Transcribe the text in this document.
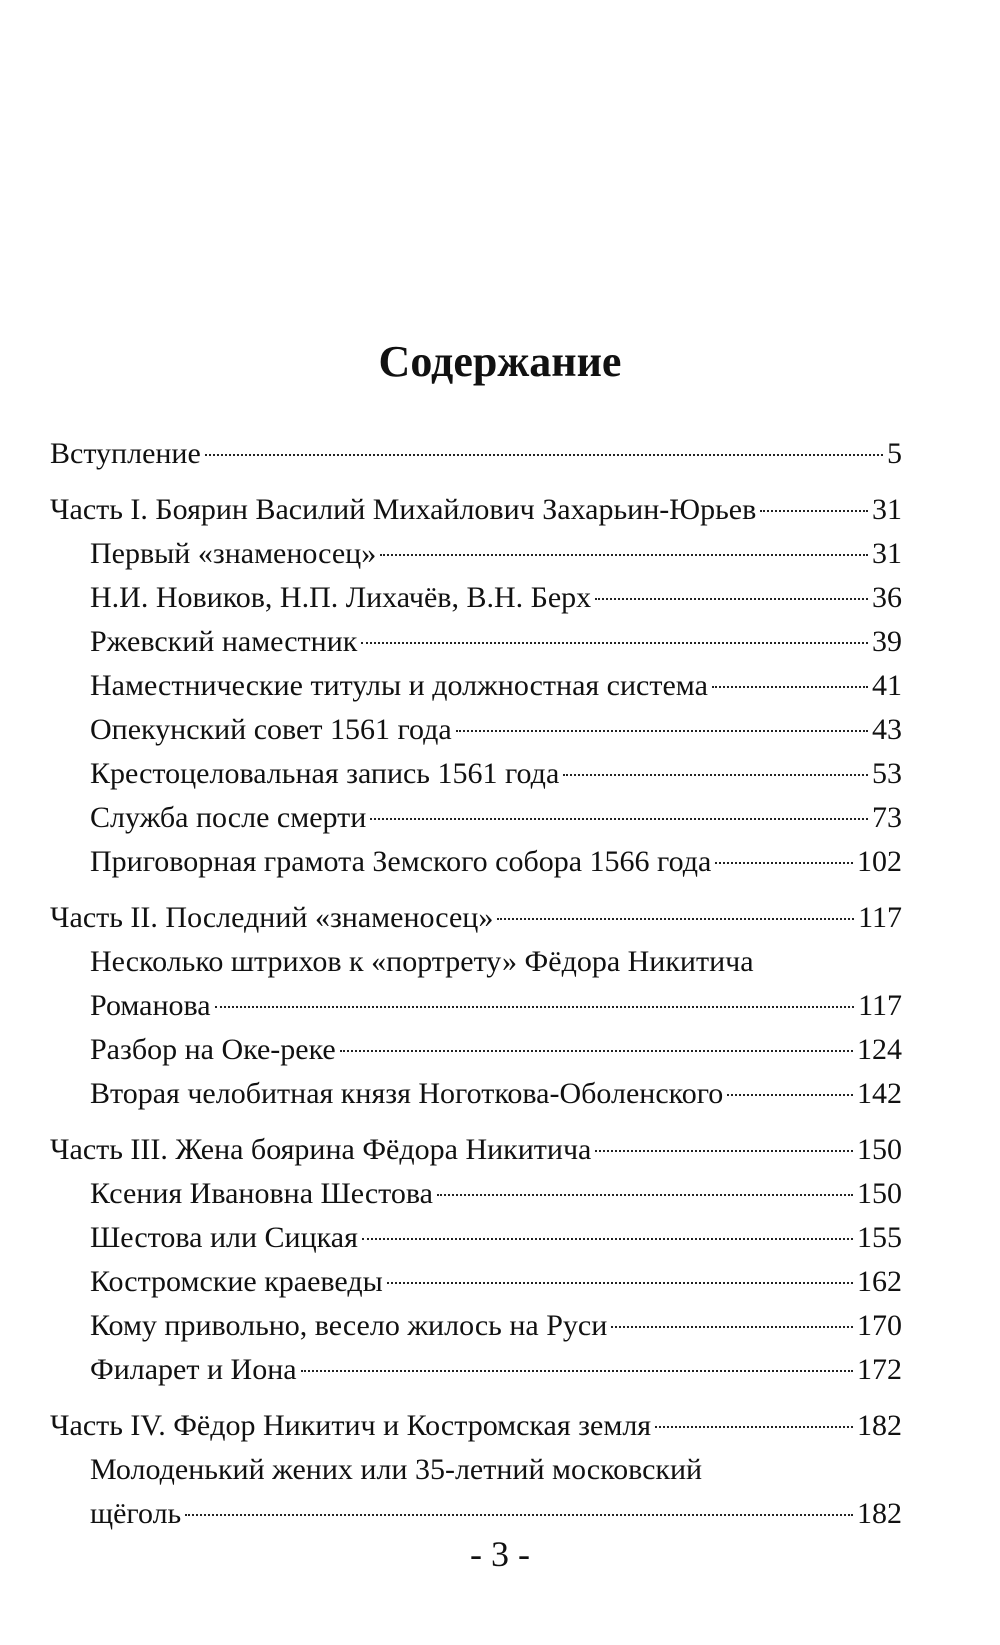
Содержание
Вступление	5
Часть I. Боярин Василий Михайлович Захарьин-Юрьев	31
Первый «знаменосец»	31
Н.И. Новиков, Н.П. Лихачёв, В.Н. Берх	36
Ржевский наместник	39
Наместнические титулы и должностная система	41
Опекунский совет 1561 года	43
Крестоцеловальная запись 1561 года	53
Служба после смерти	73
Приговорная грамота Земского собора 1566 года	102
Часть II. Последний «знаменосец»	117
Несколько штрихов к «портрету» Фёдора Никитича
Романова	117
Разбор на Оке-реке	124
Вторая челобитная князя Ноготкова-Оболенского	142
Часть III. Жена боярина Фёдора Никитича	150
Ксения Ивановна Шестова	150
Шестова или Сицкая	155
Костромские краеведы	162
Кому привольно, весело жилось на Руси	170
Филарет и Иона	172
Часть IV. Фёдор Никитич и Костромская земля	182
Молоденький жених или 35-летний московский
щёголь	182
- 3 -
